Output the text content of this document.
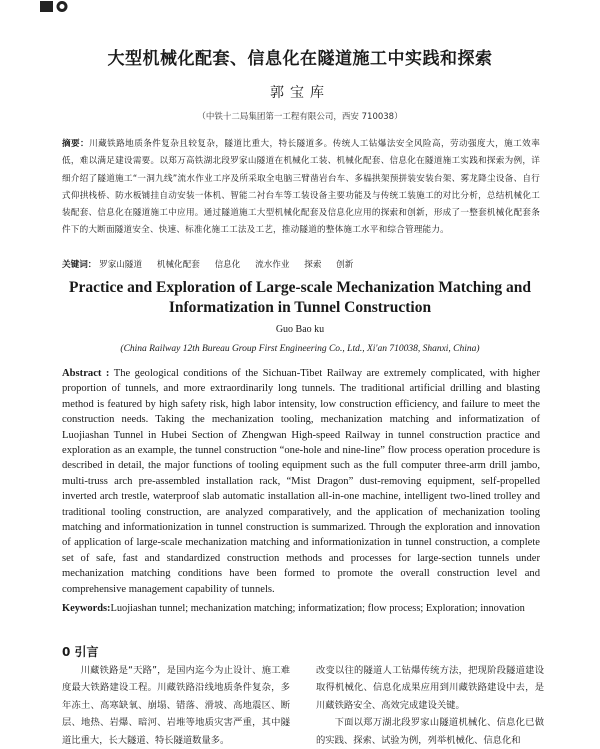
大型机械化配套、信息化在隧道施工中实践和探索
郭宝库
（中铁十二局集团第一工程有限公司，西安 710038）
摘要：川藏铁路地质条件复杂且较复杂，隧道比重大，特长隧道多。传统人工钻爆法安全风险高，劳动强度大，施工效率低，难以满足建设需要。以郑万高铁湖北段罗家山隧道在机械化工装、机械化配套、信息化在隧道施工实践和探索为例，详细介绍了隧道施工“一洞九线”流水作业工序及所采取全电脑三臂凿岩台车、多榀拱架预拼装安装台架、雾龙降尘设备、自行式仰拱栈桥、防水板铺挂自动安装一体机、智能二衬台车等工装设备主要功能及与传统工装施工的对比分析，总结机械化工装配套、信息化在隧道施工中应用。通过隧道施工大型机械化配套及信息化应用的探索和创新，形成了一整套机械化配套条件下的大断面隧道安全、快速、标准化施工工法及工艺，推动隧道的整体施工水平和综合管理能力。
关键词： 罗家山隧道 机械化配套 信息化 流水作业 探索 创新
Practice and Exploration of Large-scale Mechanization Matching and
Informatization in Tunnel Construction
Guo Bao ku
(China Railway 12th Bureau Group First Engineering Co., Ltd., Xi'an 710038, Shanxi, China)
Abstract : The geological conditions of the Sichuan-Tibet Railway are extremely complicated, with higher proportion of tunnels, and more extraordinarily long tunnels. The traditional artificial drilling and blasting method is featured by high safety risk, high labor intensity, low construction efficiency, and failure to meet the construction needs. Taking the mechanization tooling, mechanization matching and informatization of Luojiashan Tunnel in Hubei Section of Zhengwan High-speed Railway in tunnel construction practice and exploration as an example, the tunnel construction “one-hole and nine-line” flow process operation procedure is described in detail, the major functions of tooling equipment such as the full computer three-arm drill jambo, multi-truss arch pre-assembled installation rack, “Mist Dragon” dust-removing equipment, self-propelled inverted arch trestle, waterproof slab automatic installation all-in-one machine, intelligent two-lined trolley and traditional tooling construction, are analyzed comparatively, and the application of mechanization tooling matching and informationization in tunnel construction is summarized. Through the exploration and innovation of application of large-scale mechanization matching and informationization in tunnel construction, a complete set of safe, fast and standardized construction methods and processes for large-section tunnels under mechanization matching conditions have been formed to promote the overall construction level and comprehensive management capability of tunnels.
Keywords:Luojiashan tunnel; mechanization matching; informatization; flow process; Exploration; innovation
0 引言
川藏铁路是“天路”，是国内迄今为止设计、施工难度最大铁路建设工程。川藏铁路沿线地质条件复杂，多年冻土、高寒缺氧、崩塌、错落、滑坡、高地震区、断层、地热、岩爆、暗河、岩堆等地质灾害严重，其中隧道比重大，长大隧道、特长隧道数量多。
改变以往的隧道人工钻爆传统方法，把现阶段隧道建设取得机械化、信息化成果应用到川藏铁路建设中去，是川藏铁路安全、高效完成建设关键。
下面以郑万湖北段罗家山隧道机械化、信息化已做的实践、探索、试验为例，列举机械化、信息化和
